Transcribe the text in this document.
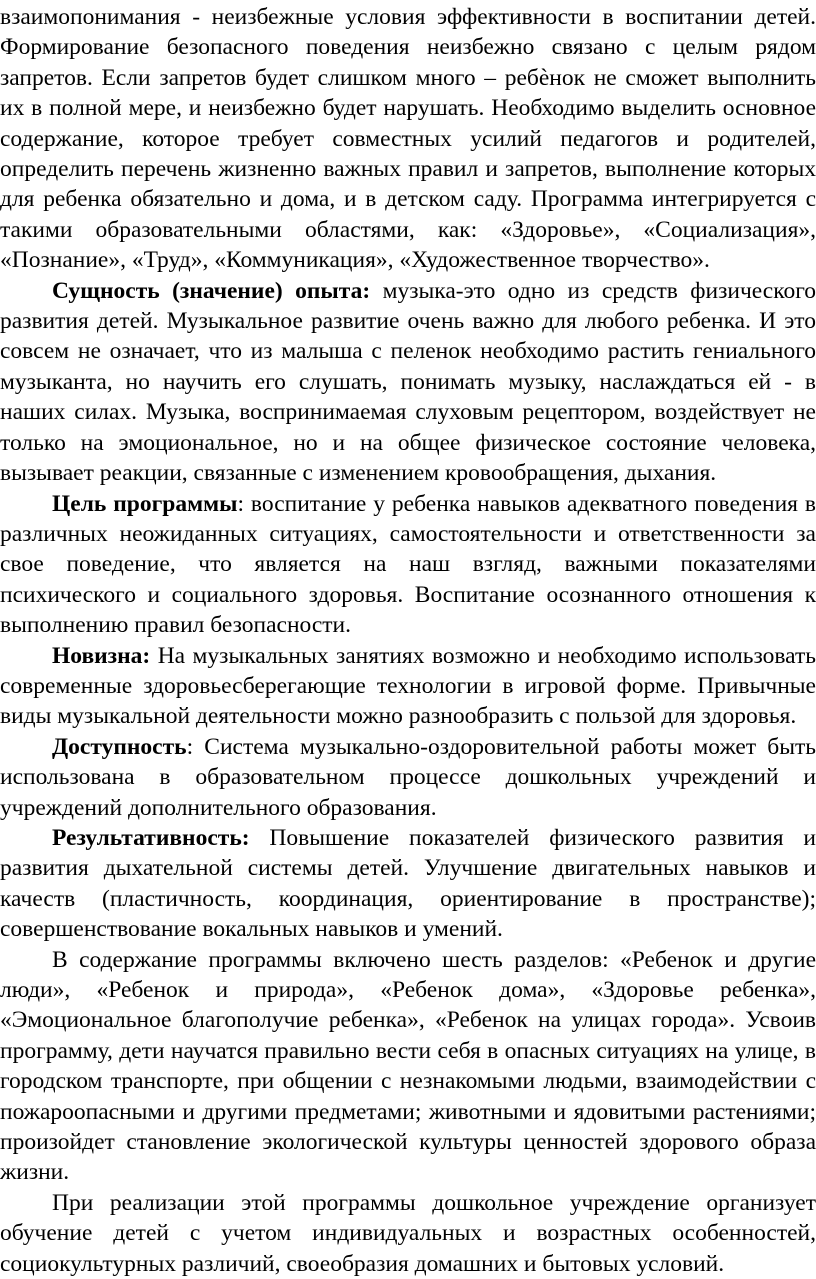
взаимопонимания - неизбежные условия эффективности в воспитании детей. Формирование безопасного поведения неизбежно связано с целым рядом запретов. Если запретов будет слишком много – ребѐнок не сможет выполнить их в полной мере, и неизбежно будет нарушать. Необходимо выделить основное содержание, которое требует совместных усилий педагогов и родителей, определить перечень жизненно важных правил и запретов, выполнение которых для ребенка обязательно и дома, и в детском саду. Программа интегрируется с такими образовательными областями, как: «Здоровье», «Социализация», «Познание», «Труд», «Коммуникация», «Художественное творчество».

Сущность (значение) опыта: музыка-это одно из средств физического развития детей. Музыкальное развитие очень важно для любого ребенка. И это совсем не означает, что из малыша с пеленок необходимо растить гениального музыканта, но научить его слушать, понимать музыку, наслаждаться ей - в наших силах. Музыка, воспринимаемая слуховым рецептором, воздействует не только на эмоциональное, но и на общее физическое состояние человека, вызывает реакции, связанные с изменением кровообращения, дыхания.

Цель программы: воспитание у ребенка навыков адекватного поведения в различных неожиданных ситуациях, самостоятельности и ответственности за свое поведение, что является на наш взгляд, важными показателями психического и социального здоровья. Воспитание осознанного отношения к выполнению правил безопасности.

Новизна: На музыкальных занятиях возможно и необходимо использовать современные здоровьесберегающие технологии в игровой форме. Привычные виды музыкальной деятельности можно разнообразить с пользой для здоровья.

Доступность: Система музыкально-оздоровительной работы может быть использована в образовательном процессе дошкольных учреждений и учреждений дополнительного образования.

Результативность: Повышение показателей физического развития и развития дыхательной системы детей. Улучшение двигательных навыков и качеств (пластичность, координация, ориентирование в пространстве); совершенствование вокальных навыков и умений.

В содержание программы включено шесть разделов: «Ребенок и другие люди», «Ребенок и природа», «Ребенок дома», «Здоровье ребенка», «Эмоциональное благополучие ребенка», «Ребенок на улицах города». Усвоив программу, дети научатся правильно вести себя в опасных ситуациях на улице, в городском транспорте, при общении с незнакомыми людьми, взаимодействии с пожароопасными и другими предметами; животными и ядовитыми растениями; произойдет становление экологической культуры ценностей здорового образа жизни.

При реализации этой программы дошкольное учреждение организует обучение детей с учетом индивидуальных и возрастных особенностей, социокультурных различий, своеобразия домашних и бытовых условий.
